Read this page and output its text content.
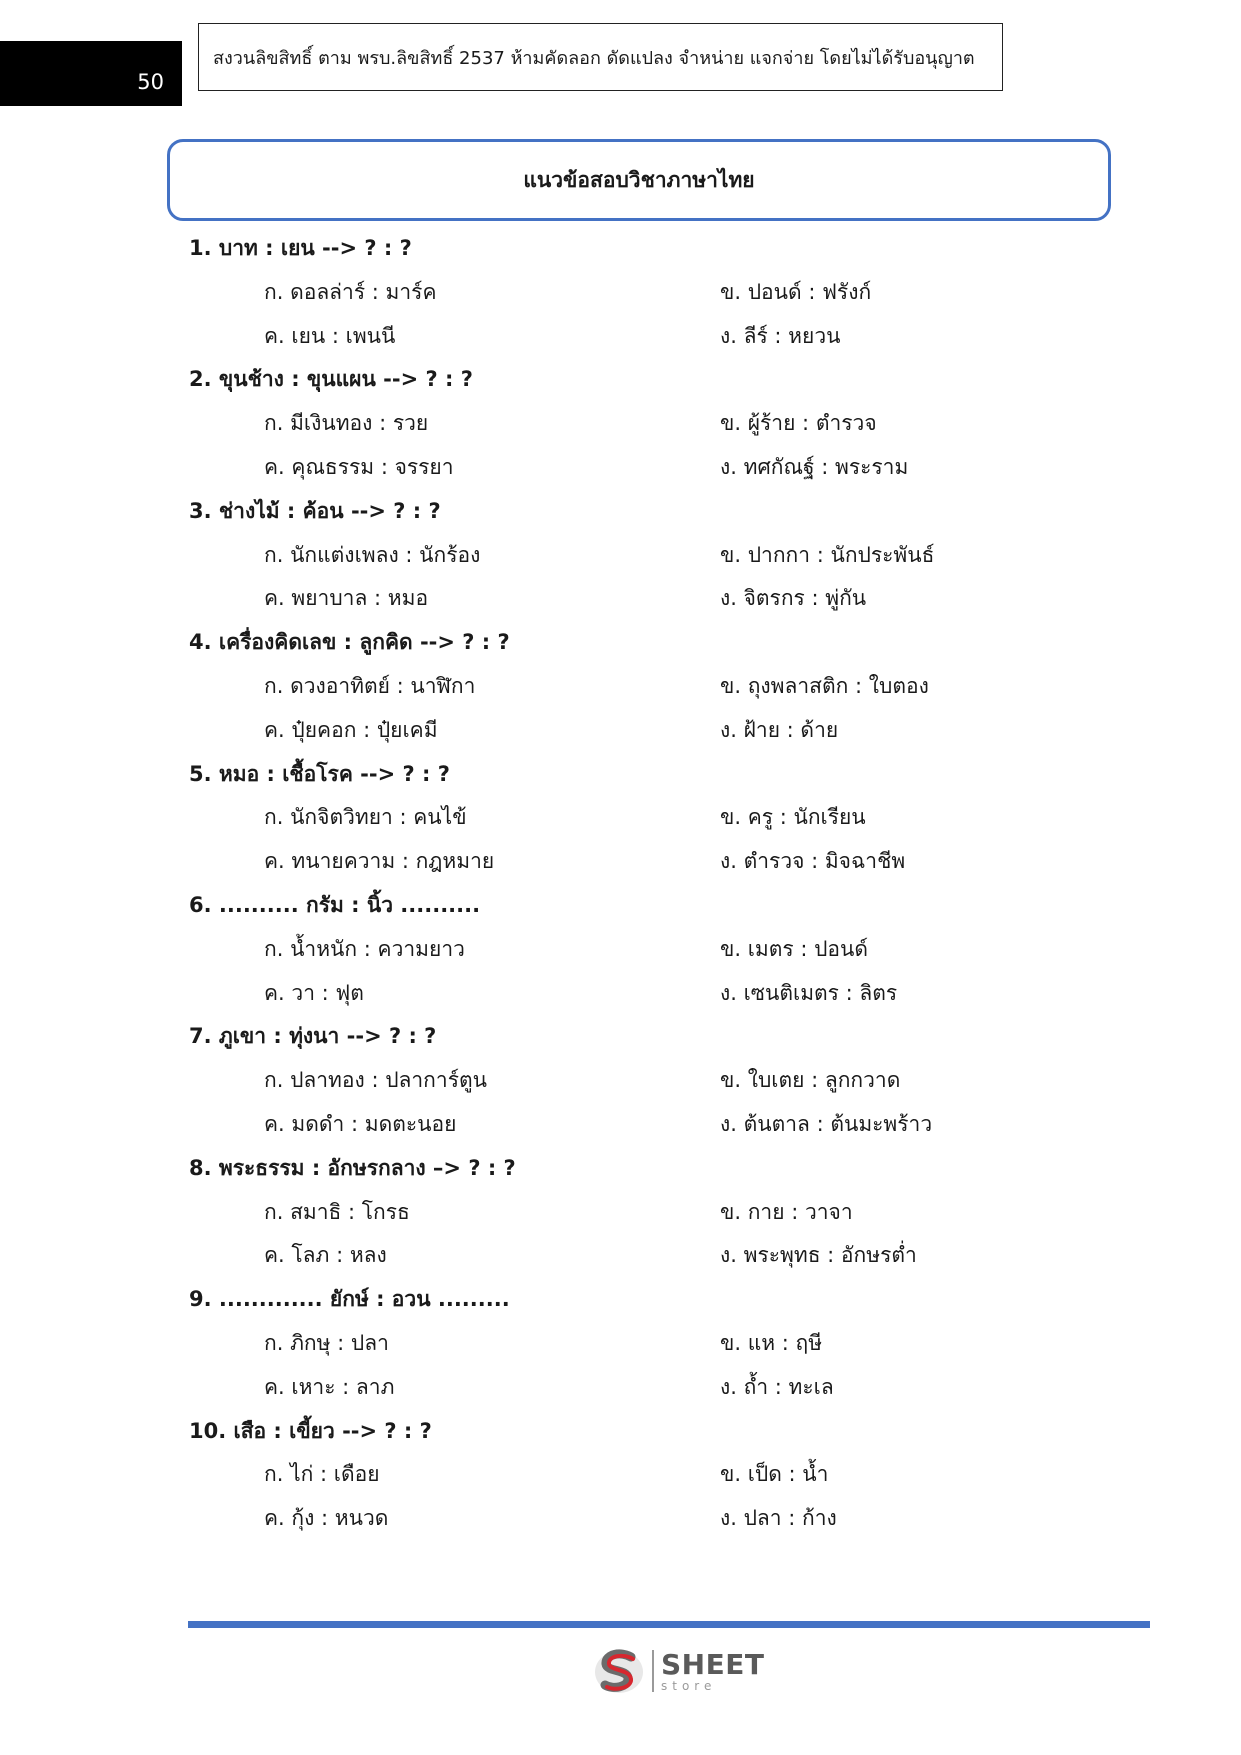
50
สงวนลิขสิทธิ์ ตาม พรบ.ลิขสิทธิ์ 2537 ห้ามคัดลอก ดัดแปลง จำหน่าย แจกจ่าย โดยไม่ได้รับอนุญาต
แนวข้อสอบวิชาภาษาไทย
1. บาท : เยน --> ? : ?
ก. ดอลล่าร์ : มาร์ค	ข. ปอนด์ : ฟรังก์
ค. เยน : เพนนี	ง. ลีร์ : หยวน
2. ขุนช้าง : ขุนแผน --> ? : ?
ก. มีเงินทอง : รวย	ข. ผู้ร้าย : ตำรวจ
ค. คุณธรรม : จรรยา	ง. ทศกัณฐ์ : พระราม
3. ช่างไม้ : ค้อน --> ? : ?
ก. นักแต่งเพลง : นักร้อง	ข. ปากกา : นักประพันธ์
ค. พยาบาล : หมอ	ง. จิตรกร : พู่กัน
4. เครื่องคิดเลข : ลูกคิด --> ? : ?
ก. ดวงอาทิตย์ : นาฬิกา	ข. ถุงพลาสติก : ใบตอง
ค. ปุ๋ยคอก : ปุ๋ยเคมี	ง. ฝ้าย : ด้าย
5. หมอ : เชื้อโรค --> ? : ?
ก. นักจิตวิทยา : คนไข้	ข. ครู : นักเรียน
ค. ทนายความ : กฎหมาย	ง. ตำรวจ : มิจฉาชีพ
6. .......... กรัม : นิ้ว ..........
ก. น้ำหนัก : ความยาว	ข. เมตร : ปอนด์
ค. วา : ฟุต	ง. เซนติเมตร : ลิตร
7. ภูเขา : ทุ่งนา --> ? : ?
ก. ปลาทอง : ปลาการ์ตูน	ข. ใบเตย : ลูกกวาด
ค. มดดำ : มดตะนอย	ง. ต้นตาล : ต้นมะพร้าว
8. พระธรรม : อักษรกลาง –> ? : ?
ก. สมาธิ : โกรธ	ข. กาย : วาจา
ค. โลภ : หลง	ง. พระพุทธ : อักษรต่ำ
9. ............. ยักษ์ : อวน .........
ก. ภิกษุ : ปลา	ข. แห : ฤษี
ค. เหาะ : ลาภ	ง. ถ้ำ : ทะเล
10. เสือ : เขี้ยว --> ? : ?
ก. ไก่ : เดือย	ข. เป็ด : น้ำ
ค. กุ้ง : หนวด	ง. ปลา : ก้าง
SHEET
store
